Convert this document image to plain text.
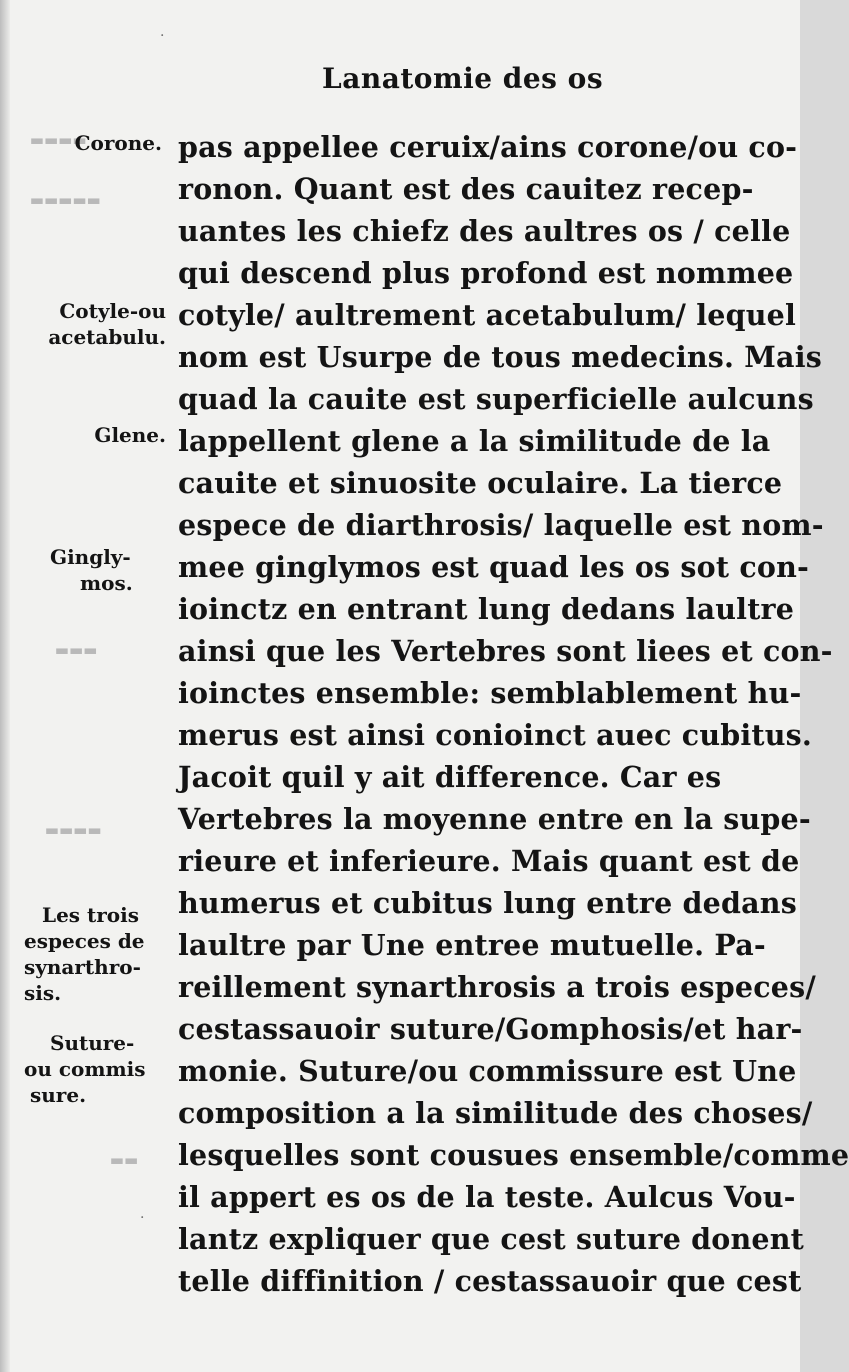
▬▬▬▬
▬▬▬▬▬
▬▬▬
▬▬▬▬
▬▬
·
·
Lanatomie des os
pas appellee ceruix/ains corone/ou co-
ronon. Quant est des cauitez recep-
uantes les chiefz des aultres os / celle
qui descend plus profond est nommee
cotyle/ aultrement acetabulum/ lequel
nom est Usurpe de tous medecins. Mais
quad la cauite est superficielle aulcuns
lappellent glene a la similitude de la
cauite et sinuosite oculaire. La tierce
espece de diarthrosis/ laquelle est nom-
mee ginglymos est quad les os sot con-
ioinctz en entrant lung dedans laultre
ainsi que les Vertebres sont liees et con-
ioinctes ensemble: semblablement hu-
merus est ainsi conioinct auec cubitus.
Jacoit quil y ait difference. Car es
Vertebres la moyenne entre en la supe-
rieure et inferieure. Mais quant est de
humerus et cubitus lung entre dedans
laultre par Une entree mutuelle. Pa-
reillement synarthrosis a trois especes/
cestassauoir suture/Gomphosis/et har-
monie. Suture/ou commissure est Une
composition a la similitude des choses/
lesquelles sont cousues ensemble/comme
il appert es os de la teste. Aulcus Vou-
lantz expliquer que cest suture donent
telle diffinition / cestassauoir que cest
Corone.
Cotyle-ou
acetabulu.
Glene.
Gingly-
mos.
Les trois
especes de
synarthro-
sis.
Suture-
ou commis
sure.
